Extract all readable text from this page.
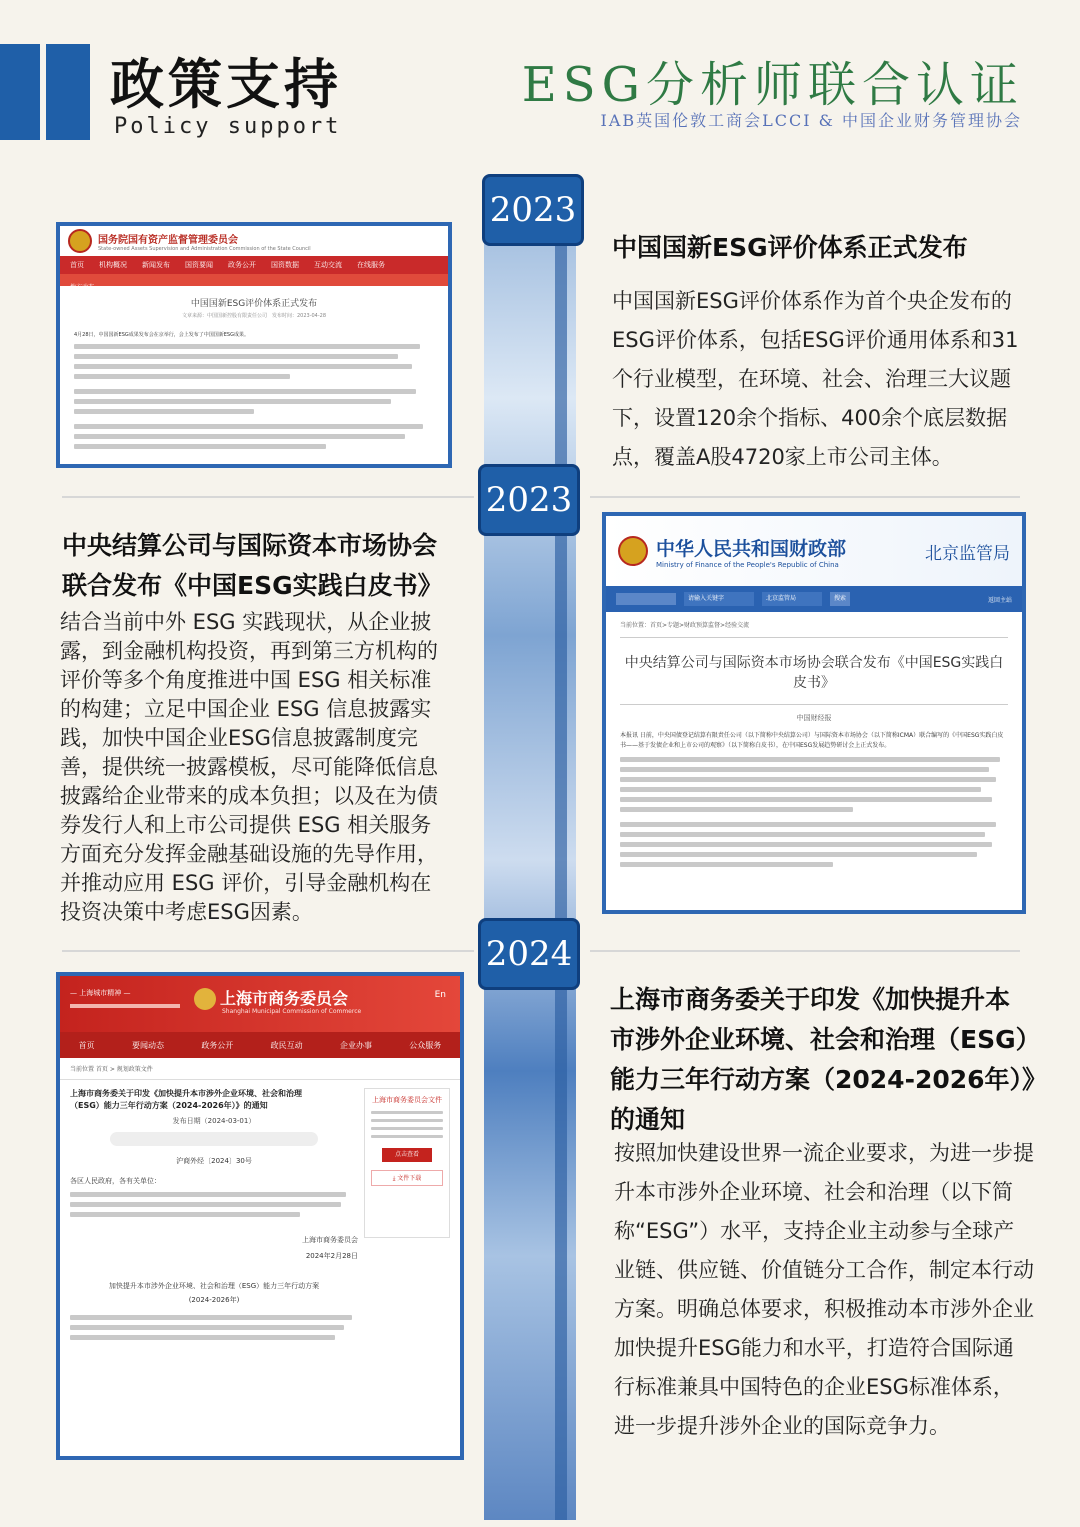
政策支持
Policy support
ESG分析师联合认证
IAB英国伦敦工商会LCCI & 中国企业财务管理协会
2023
2023
2024
中国国新ESG评价体系正式发布
中国国新ESG评价体系作为首个央企发布的ESG评价体系，包括ESG评价通用体系和31个行业模型，在环境、社会、治理三大议题下，设置120余个指标、400余个底层数据点，覆盖A股4720家上市公司主体。
国务院国有资产监督管理委员会
State-owned Assets Supervision and Administration Commission of the State Council
首页 机构概况 新闻发布 国资要闻 政务公开 国资数据 互动交流 在线服务
地方动态
中国国新ESG评价体系正式发布
文章来源：中国国新控股有限责任公司　发布时间：2023-04-28
4月28日，中国国新ESG成果发布会在京举行，会上发布了中国国新ESG成果。
中央结算公司与国际资本市场协会
联合发布《中国ESG实践白皮书》
结合当前中外 ESG 实践现状，从企业披露，到金融机构投资，再到第三方机构的评价等多个角度推进中国 ESG 相关标准的构建；立足中国企业 ESG 信息披露实践，加快中国企业ESG信息披露制度完善，提供统一披露模板，尽可能降低信息披露给企业带来的成本负担；以及在为债券发行人和上市公司提供 ESG 相关服务方面充分发挥金融基础设施的先导作用，并推动应用 ESG 评价，引导金融机构在投资决策中考虑ESG因素。
中华人民共和国财政部
Ministry of Finance of the People's Republic of China
北京监管局
请输入关键字	北京监管局	搜索	返回主站
当前位置：首页>专题>财政预算监督>经验交流
中央结算公司与国际资本市场协会联合发布《中国ESG实践白皮书》
中国财经报
本报讯 日前，中央国债登记结算有限责任公司（以下简称中央结算公司）与国际资本市场协会（以下简称ICMA）联合编写的《中国ESG实践白皮书——基于发债企业和上市公司的观察》（以下简称白皮书），在中国ESG发展趋势研讨会上正式发布。
上海市商务委关于印发《加快提升本
市涉外企业环境、社会和治理（ESG）
能力三年行动方案（2024-2026年）》
的通知
按照加快建设世界一流企业要求，为进一步提升本市涉外企业环境、社会和治理（以下简称“ESG”）水平，支持企业主动参与全球产业链、供应链、价值链分工合作，制定本行动方案。明确总体要求，积极推动本市涉外企业加快提升ESG能力和水平，打造符合国际通行标准兼具中国特色的企业ESG标准体系，进一步提升涉外企业的国际竞争力。
— 上海城市精神 —	上海市商务委员会
Shanghai Municipal Commission of Commerce
En
首页	要闻动态	政务公开	政民互动	企业办事	公众服务
当前位置 首页 > 规划政策文件
上海市商务委关于印发《加快提升本市涉外企业环境、社会和治理
（ESG）能力三年行动方案（2024-2026年）》的通知
发布日期（2024-03-01）
沪商外经〔2024〕30号
各区人民政府，各有关单位：
上海市商务委员会
2024年2月28日
加快提升本市涉外企业环境、社会和治理（ESG）能力三年行动方案
(2024-2026年)
上海市商务委员会文件
点击查看
⤓ 文件下载
